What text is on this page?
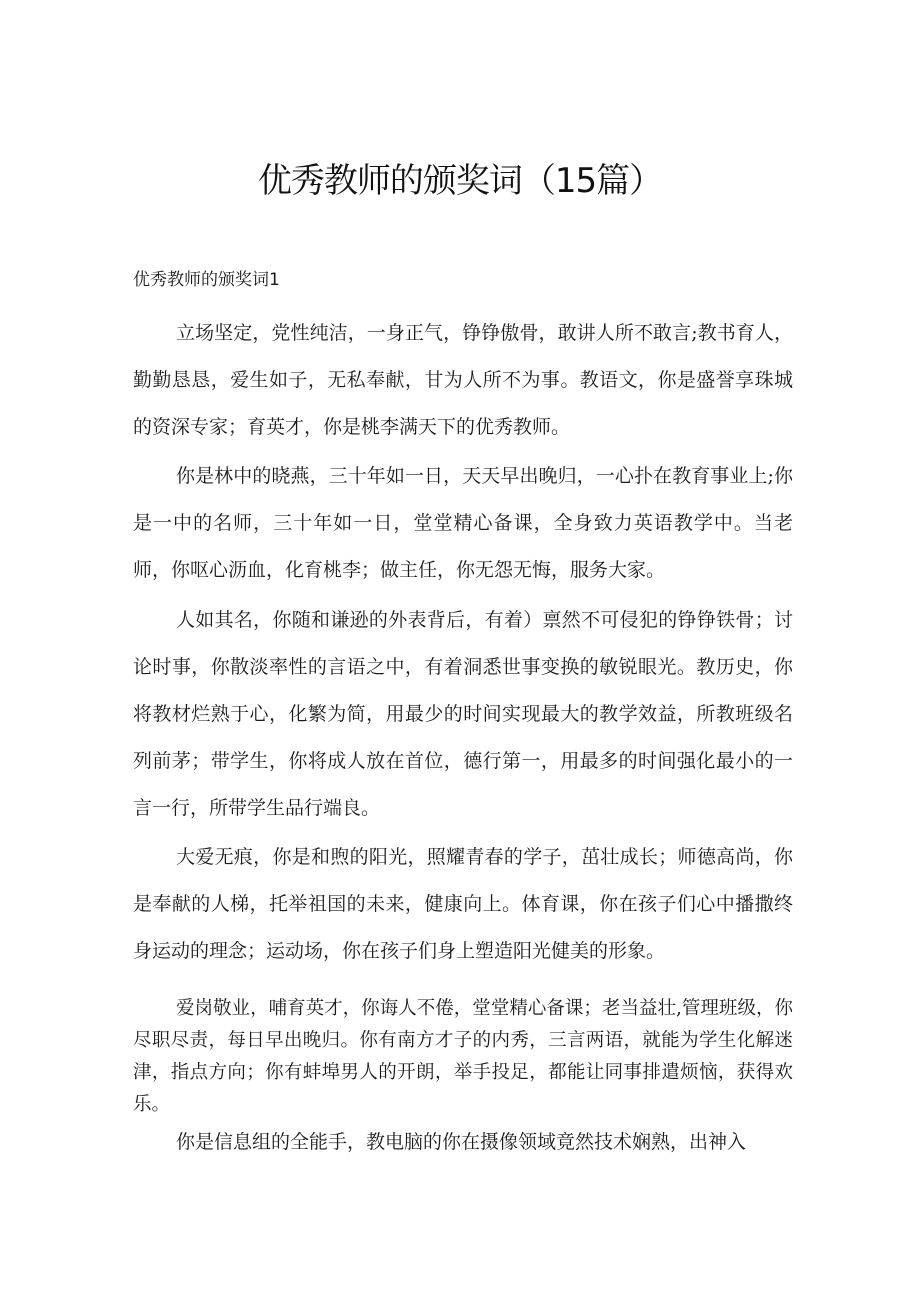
优秀教师的颁奖词（15篇）
优秀教师的颁奖词1

立场坚定，党性纯洁，一身正气，铮铮傲骨，敢讲人所不敢言;教书育人，勤勤恳恳，爱生如子，无私奉献，甘为人所不为事。教语文，你是盛誉享珠城的资深专家；育英才，你是桃李满天下的优秀教师。

你是林中的晓燕，三十年如一日，天天早出晚归，一心扑在教育事业上;你是一中的名师，三十年如一日，堂堂精心备课，全身致力英语教学中。当老师，你呕心沥血，化育桃李；做主任，你无怨无悔，服务大家。

人如其名，你随和谦逊的外表背后，有着）禀然不可侵犯的铮铮铁骨；讨论时事，你散淡率性的言语之中，有着洞悉世事变换的敏锐眼光。教历史，你将教材烂熟于心，化繁为简，用最少的时间实现最大的教学效益，所教班级名列前茅；带学生，你将成人放在首位，德行第一，用最多的时间强化最小的一言一行，所带学生品行端良。

大爱无痕，你是和煦的阳光，照耀青春的学子，茁壮成长；师德高尚，你是奉献的人梯，托举祖国的未来，健康向上。体育课，你在孩子们心中播撒终身运动的理念；运动场，你在孩子们身上塑造阳光健美的形象。

爱岗敬业，哺育英才，你诲人不倦，堂堂精心备课；老当益壮,管理班级，你尽职尽责，每日早出晚归。你有南方才子的内秀，三言两语，就能为学生化解迷津，指点方向；你有蚌埠男人的开朗，举手投足，都能让同事排遣烦恼，获得欢乐。

你是信息组的全能手，教电脑的你在摄像领域竟然技术娴熟，出神入
